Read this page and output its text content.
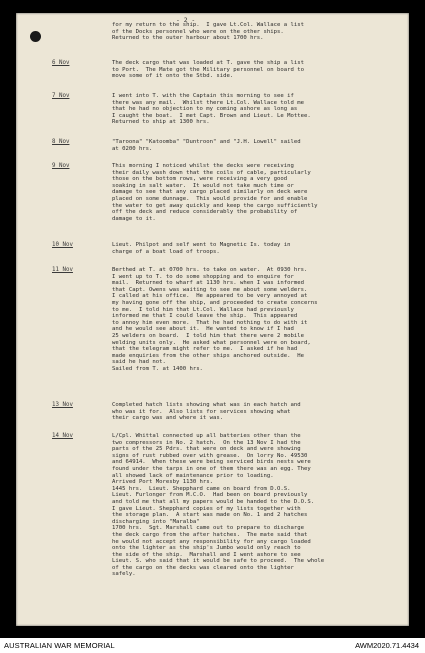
- 2 -
for my return to the ship.  I gave Lt.Col. Wallace a list
of the Docks personnel who were on the other ships.
Returned to the outer harbour about 1700 hrs.
6 Nov	The deck cargo that was loaded at T. gave the ship a list
to Port.  The Mate got the Military personnel on board to
move some of it onto the Stbd. side.
7 Nov	I went into T. with the Captain this morning to see if
there was any mail.  Whilst there Lt.Col. Wallace told me
that he had no objection to my coming ashore as long as
I caught the boat.  I met Capt. Brown and Lieut. Le Mottee.
Returned to ship at 1300 hrs.
8 Nov	"Taroona" "Katoomba" "Duntroon" and "J.H. Lowell" sailed
at 0200 hrs.
9 Nov	This morning I noticed whilst the decks were receiving
their daily wash down that the coils of cable, particularly
those on the bottom rows, were receiving a very good
soaking in salt water.  It would not take much time or
damage to see that any cargo placed similarly on deck were
placed on some dunnage.  This would provide for and enable
the water to get away quickly and keep the cargo sufficiently
off the deck and reduce considerably the probability of
damage to it.
10 Nov	Lieut. Philpot and self went to Magnetic Is. today in
charge of a boat load of troops.
11 Nov	Berthed at T. at 0700 hrs. to take on water.  At 0930 hrs.
I went up to T. to do some shopping and to enquire for
mail.  Returned to wharf at 1130 hrs. when I was informed
that Capt. Owens was waiting to see me about some welders.
I called at his office.  He appeared to be very annoyed at
my having gone off the ship, and proceeded to create concerns
to me.  I told him that Lt.Col. Wallace had previously
informed me that I could leave the ship.  This appeared
to annoy him even more.  That he had nothing to do with it
and he would see about it.  He wanted to know if I had
25 welders on board.  I told him that there were 2 mobile
welding units only.  He asked what personnel were on board,
that the telegram might refer to me.  I asked if he had
made enquiries from the other ships anchored outside.  He
said he had not.
Sailed from T. at 1400 hrs.
13 Nov	Completed hatch lists showing what was in each hatch and
who was it for.  Also lists for services showing what
their cargo was and where it was.
14 Nov	L/Cpl. Whittal connected up all batteries other than the
two compressors in No. 2 hatch.  On the 13 Nov I had the
parts of the 25 Pdrs. that were on deck and were showing
signs of rust rubbed over with grease.  On lorry No. 49530
and 64914.  When these were being serviced birds nests were
found under the tarps in one of them there was an egg. They
all showed lack of maintenance prior to loading.
Arrived Port Moresby 1130 hrs.
1445 hrs.  Lieut. Shepphard came on board from D.O.S.
Lieut. Furlonger from M.C.O.  Had been on board previously
and told me that all my papers would be handed to the D.O.S.
I gave Lieut. Shepphard copies of my lists together with
the storage plan.  A start was made on No. 1 and 2 hatches
discharging into "Maralba"
1700 hrs.  Sgt. Marshall came out to prepare to discharge
the deck cargo from the after hatches.  The mate said that
he would not accept any responsibility for any cargo loaded
onto the lighter as the ship's Jumbo would only reach to
the side of the ship.  Marshall and I went ashore to see
Lieut. S. who said that it would be safe to proceed.  The whole
of the cargo on the decks was cleared onto the lighter
safely.
AUSTRALIAN WAR MEMORIAL	AWM2020.71.4434
